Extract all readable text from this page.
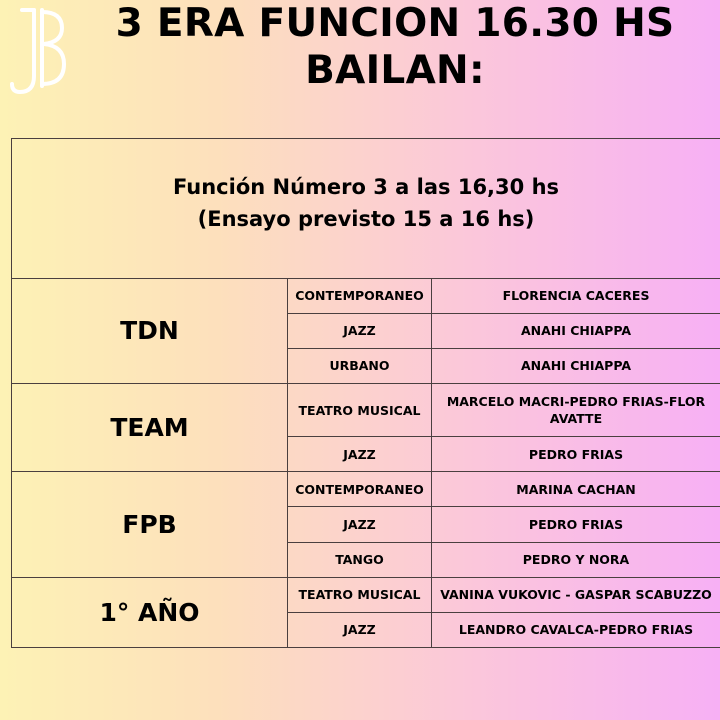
3 ERA FUNCION 16.30 HS
BAILAN:
Función Número 3 a las 16,30 hs
(Ensayo previsto 15 a 16 hs)		

TDN	CONTEMPORANEO	FLORENCIA CACERES
	JAZZ	ANAHI CHIAPPA
	URBANO	ANAHI CHIAPPA
TEAM	TEATRO MUSICAL	MARCELO MACRI-PEDRO FRIAS-FLOR AVATTE
	JAZZ	PEDRO FRIAS
FPB	CONTEMPORANEO	MARINA CACHAN
	JAZZ	PEDRO FRIAS
	TANGO	PEDRO Y NORA
1° AÑO	TEATRO MUSICAL	VANINA VUKOVIC - GASPAR SCABUZZO
	JAZZ	LEANDRO CAVALCA-PEDRO FRIAS
